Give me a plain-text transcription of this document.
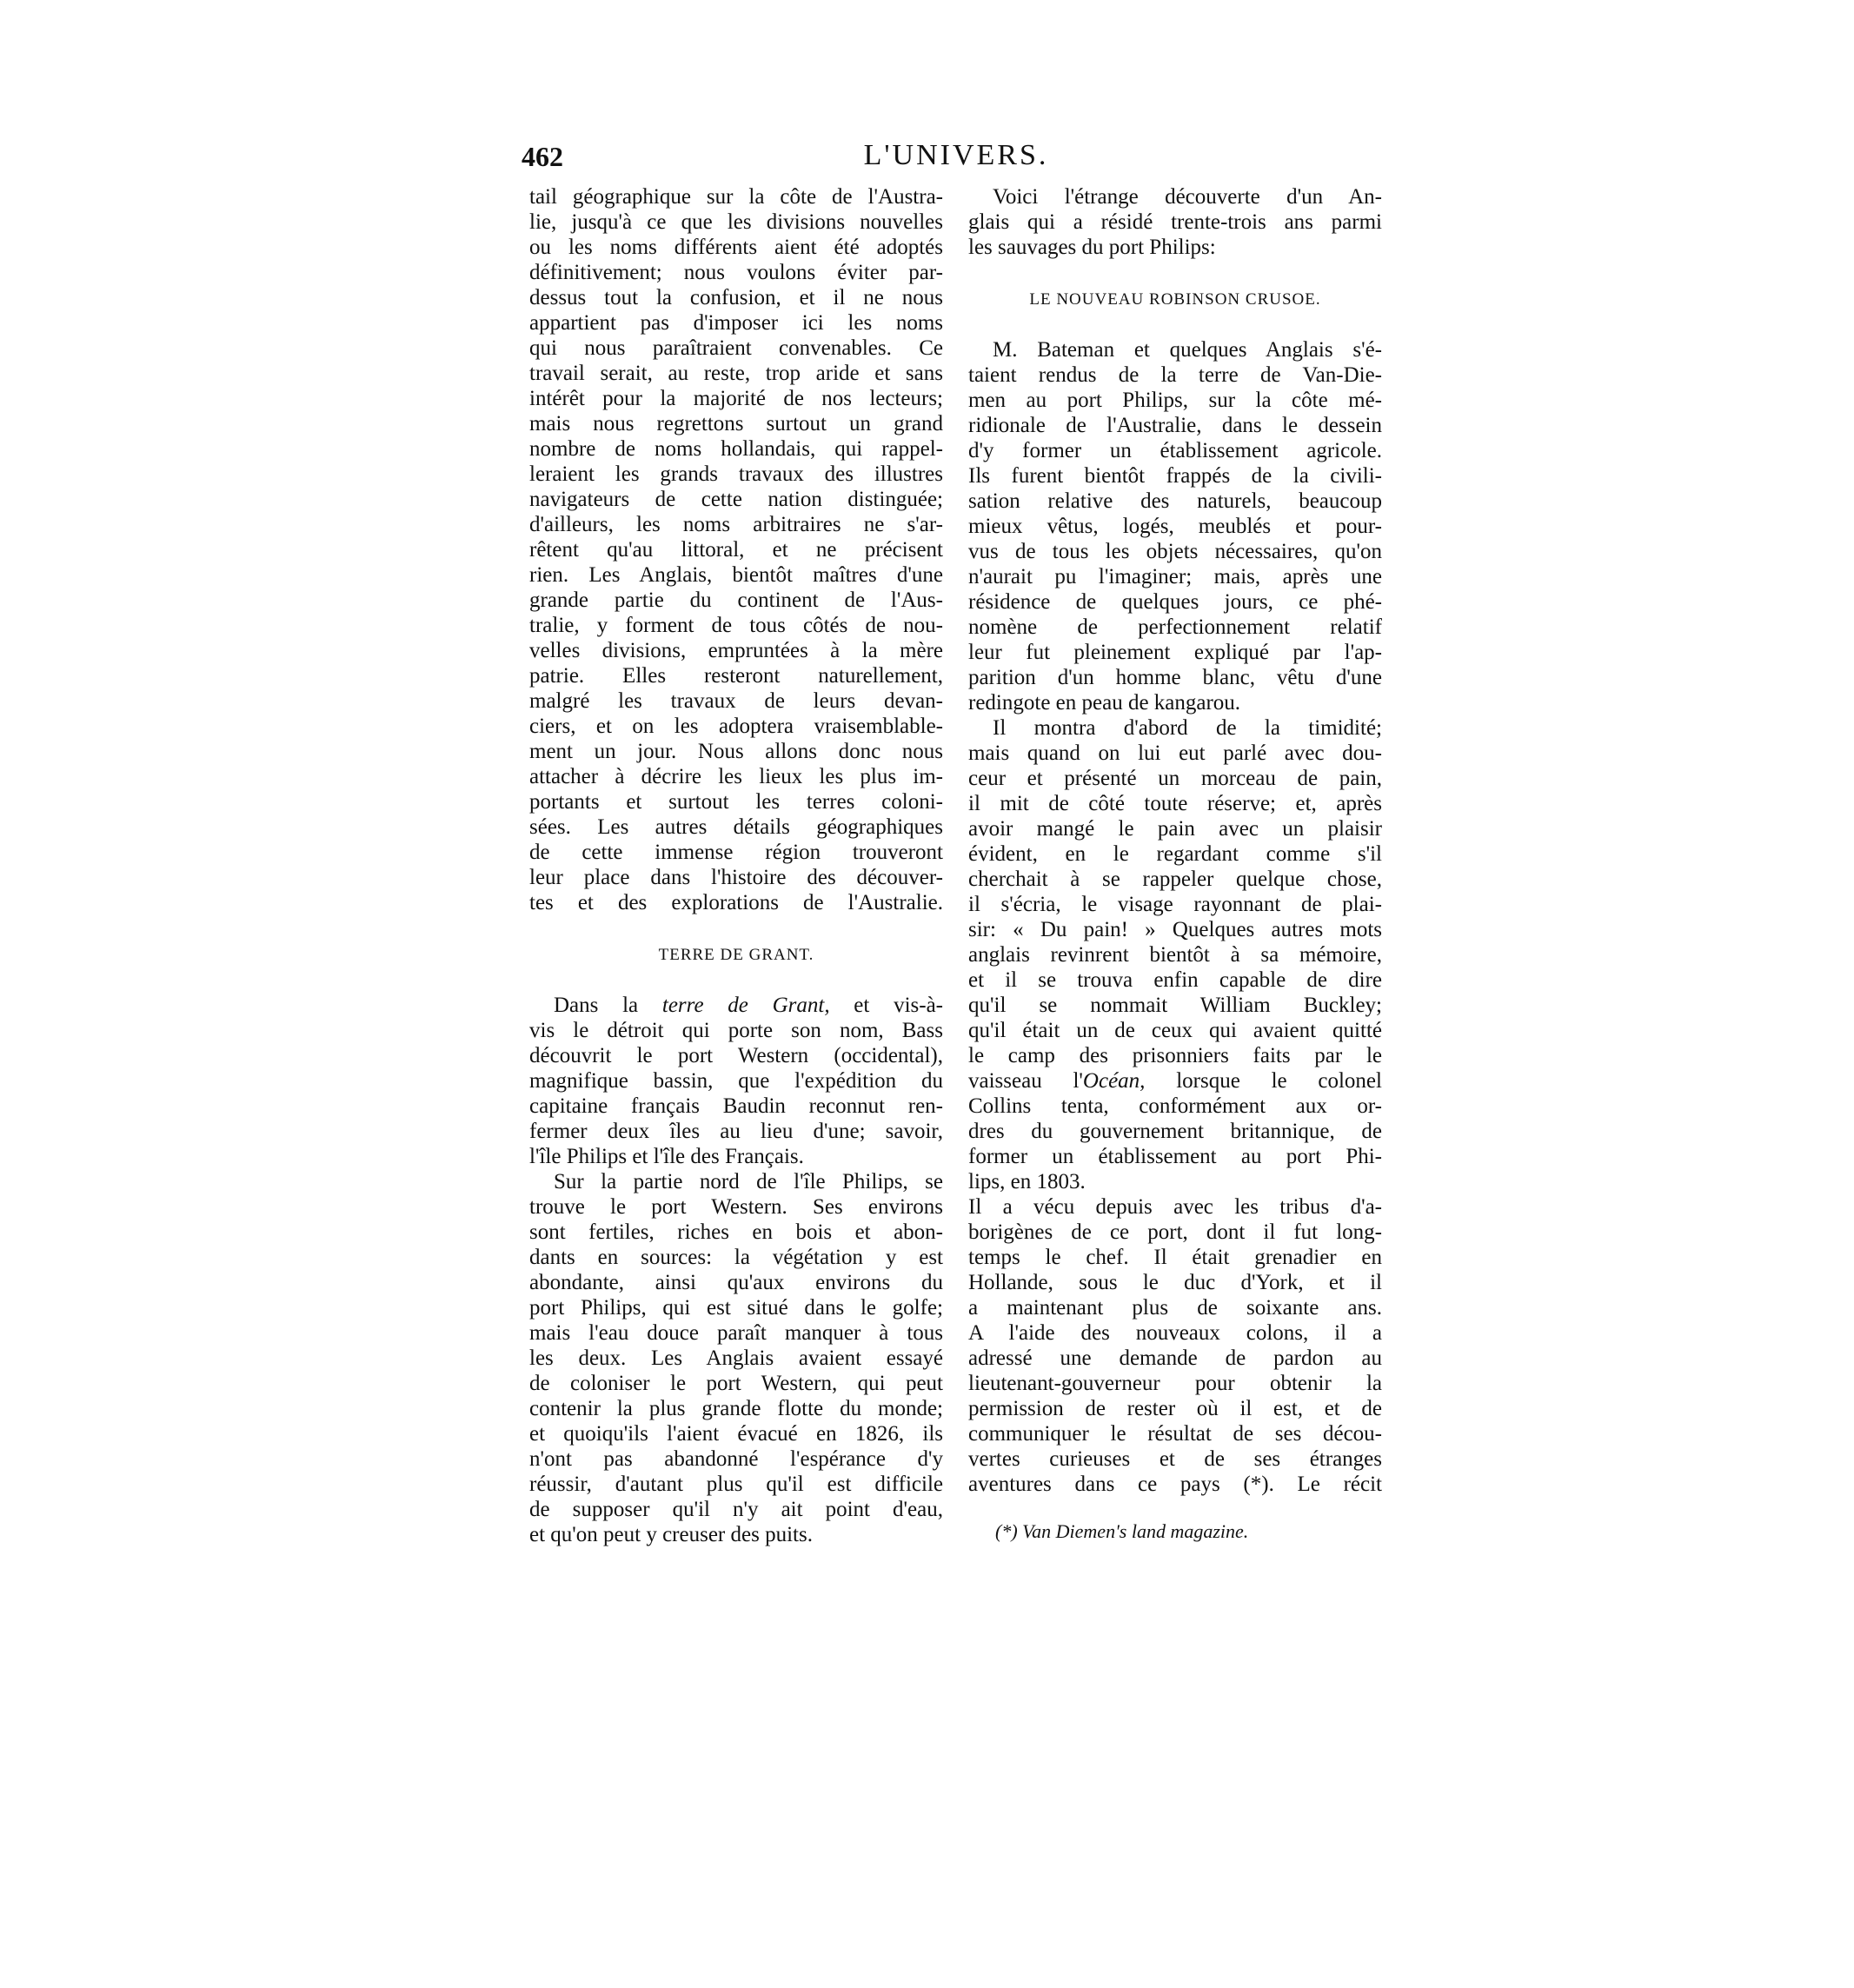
462	L'UNIVERS.
tail géographique sur la côte de l'Austra-
lie, jusqu'à ce que les divisions nouvelles
ou les noms différents aient été adoptés
définitivement; nous voulons éviter par-
dessus tout la confusion, et il ne nous
appartient pas d'imposer ici les noms
qui nous paraîtraient convenables. Ce
travail serait, au reste, trop aride et sans
intérêt pour la majorité de nos lecteurs;
mais nous regrettons surtout un grand
nombre de noms hollandais, qui rappel-
leraient les grands travaux des illustres
navigateurs de cette nation distinguée;
d'ailleurs, les noms arbitraires ne s'ar-
rêtent qu'au littoral, et ne précisent
rien. Les Anglais, bientôt maîtres d'une
grande partie du continent de l'Aus-
tralie, y forment de tous côtés de nou-
velles divisions, empruntées à la mère
patrie. Elles resteront naturellement,
malgré les travaux de leurs devan-
ciers, et on les adoptera vraisemblable-
ment un jour. Nous allons donc nous
attacher à décrire les lieux les plus im-
portants et surtout les terres coloni-
sées. Les autres détails géographiques
de cette immense région trouveront
leur place dans l'histoire des découver-
tes et des explorations de l'Australie.
TERRE DE GRANT.
Dans la terre de Grant, et vis-à-
vis le détroit qui porte son nom, Bass
découvrit le port Western (occidental),
magnifique bassin, que l'expédition du
capitaine français Baudin reconnut ren-
fermer deux îles au lieu d'une; savoir,
l'île Philips et l'île des Français.
Sur la partie nord de l'île Philips, se
trouve le port Western. Ses environs
sont fertiles, riches en bois et abon-
dants en sources: la végétation y est
abondante, ainsi qu'aux environs du
port Philips, qui est situé dans le golfe;
mais l'eau douce paraît manquer à tous
les deux. Les Anglais avaient essayé
de coloniser le port Western, qui peut
contenir la plus grande flotte du monde;
et quoiqu'ils l'aient évacué en 1826, ils
n'ont pas abandonné l'espérance d'y
réussir, d'autant plus qu'il est difficile
de supposer qu'il n'y ait point d'eau,
et qu'on peut y creuser des puits.
Voici l'étrange découverte d'un An-
glais qui a résidé trente-trois ans parmi
les sauvages du port Philips:
LE NOUVEAU ROBINSON CRUSOE.
M. Bateman et quelques Anglais s'é-
taient rendus de la terre de Van-Die-
men au port Philips, sur la côte mé-
ridionale de l'Australie, dans le dessein
d'y former un établissement agricole.
Ils furent bientôt frappés de la civili-
sation relative des naturels, beaucoup
mieux vêtus, logés, meublés et pour-
vus de tous les objets nécessaires, qu'on
n'aurait pu l'imaginer; mais, après une
résidence de quelques jours, ce phé-
nomène de perfectionnement relatif
leur fut pleinement expliqué par l'ap-
parition d'un homme blanc, vêtu d'une
redingote en peau de kangarou.
Il montra d'abord de la timidité;
mais quand on lui eut parlé avec dou-
ceur et présenté un morceau de pain,
il mit de côté toute réserve; et, après
avoir mangé le pain avec un plaisir
évident, en le regardant comme s'il
cherchait à se rappeler quelque chose,
il s'écria, le visage rayonnant de plai-
sir: « Du pain! » Quelques autres mots
anglais revinrent bientôt à sa mémoire,
et il se trouva enfin capable de dire
qu'il se nommait William Buckley;
qu'il était un de ceux qui avaient quitté
le camp des prisonniers faits par le
vaisseau l'Océan, lorsque le colonel
Collins tenta, conformément aux or-
dres du gouvernement britannique, de
former un établissement au port Phi-
lips, en 1803.
Il a vécu depuis avec les tribus d'a-
borigènes de ce port, dont il fut long-
temps le chef. Il était grenadier en
Hollande, sous le duc d'York, et il
a maintenant plus de soixante ans.
A l'aide des nouveaux colons, il a
adressé une demande de pardon au
lieutenant-gouverneur pour obtenir la
permission de rester où il est, et de
communiquer le résultat de ses décou-
vertes curieuses et de ses étranges
aventures dans ce pays (*). Le récit
(*) Van Diemen's land magazine.
